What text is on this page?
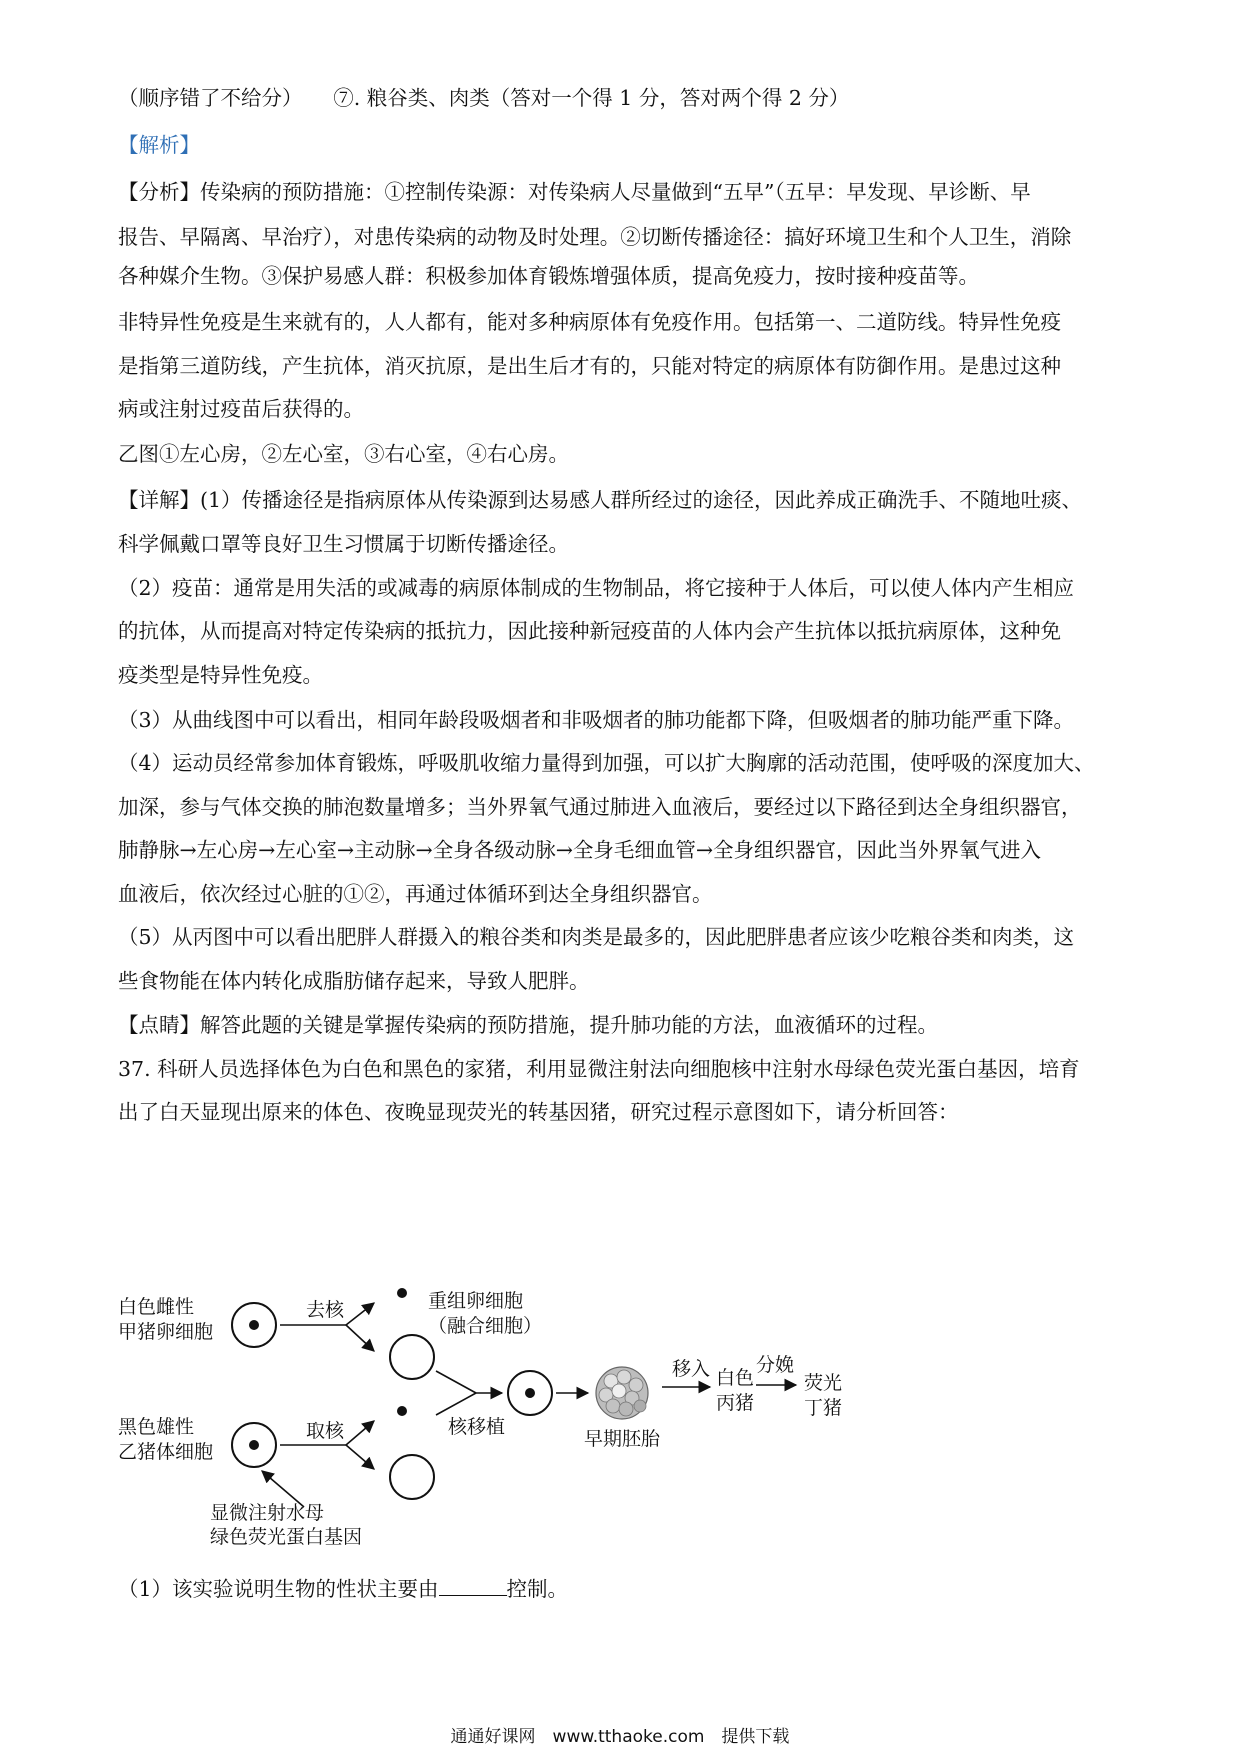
（顺序错了不给分）　　⑦. 粮谷类、肉类（答对一个得 1 分，答对两个得 2 分）
【解析】
【分析】传染病的预防措施：①控制传染源：对传染病人尽量做到“五早”（五早：早发现、早诊断、早
报告、早隔离、早治疗），对患传染病的动物及时处理。②切断传播途径：搞好环境卫生和个人卫生，消除
各种媒介生物。③保护易感人群：积极参加体育锻炼增强体质，提高免疫力，按时接种疫苗等。
非特异性免疫是生来就有的，人人都有，能对多种病原体有免疫作用。包括第一、二道防线。特异性免疫
是指第三道防线，产生抗体，消灭抗原，是出生后才有的，只能对特定的病原体有防御作用。是患过这种
病或注射过疫苗后获得的。
乙图①左心房，②左心室，③右心室，④右心房。
【详解】(1）传播途径是指病原体从传染源到达易感人群所经过的途径，因此养成正确洗手、不随地吐痰、
科学佩戴口罩等良好卫生习惯属于切断传播途径。
（2）疫苗：通常是用失活的或减毒的病原体制成的生物制品，将它接种于人体后，可以使人体内产生相应
的抗体，从而提高对特定传染病的抵抗力，因此接种新冠疫苗的人体内会产生抗体以抵抗病原体，这种免
疫类型是特异性免疫。
（3）从曲线图中可以看出，相同年龄段吸烟者和非吸烟者的肺功能都下降，但吸烟者的肺功能严重下降。
（4）运动员经常参加体育锻炼，呼吸肌收缩力量得到加强，可以扩大胸廓的活动范围，使呼吸的深度加大、
加深，参与气体交换的肺泡数量增多；当外界氧气通过肺进入血液后，要经过以下路径到达全身组织器官，
肺静脉→左心房→左心室→主动脉→全身各级动脉→全身毛细血管→全身组织器官，因此当外界氧气进入
血液后，依次经过心脏的①②，再通过体循环到达全身组织器官。
（5）从丙图中可以看出肥胖人群摄入的粮谷类和肉类是最多的，因此肥胖患者应该少吃粮谷类和肉类，这
些食物能在体内转化成脂肪储存起来，导致人肥胖。
【点睛】解答此题的关键是掌握传染病的预防措施，提升肺功能的方法，血液循环的过程。
37. 科研人员选择体色为白色和黑色的家猪，利用显微注射法向细胞核中注射水母绿色荧光蛋白基因，培育
出了白天显现出原来的体色、夜晚显现荧光的转基因猪，研究过程示意图如下，请分析回答：
白色雌性
甲猪卵细胞
黑色雄性
乙猪体细胞
去核
取核	核移植
重组卵细胞
（融合细胞）
早期胚胎
移入 白色
丙猪
分娩
荧光
丁猪
显微注射水母
绿色荧光蛋白基因
（1）该实验说明生物的性状主要由	控制。
通通好课网　www.tthaoke.com　提供下载
